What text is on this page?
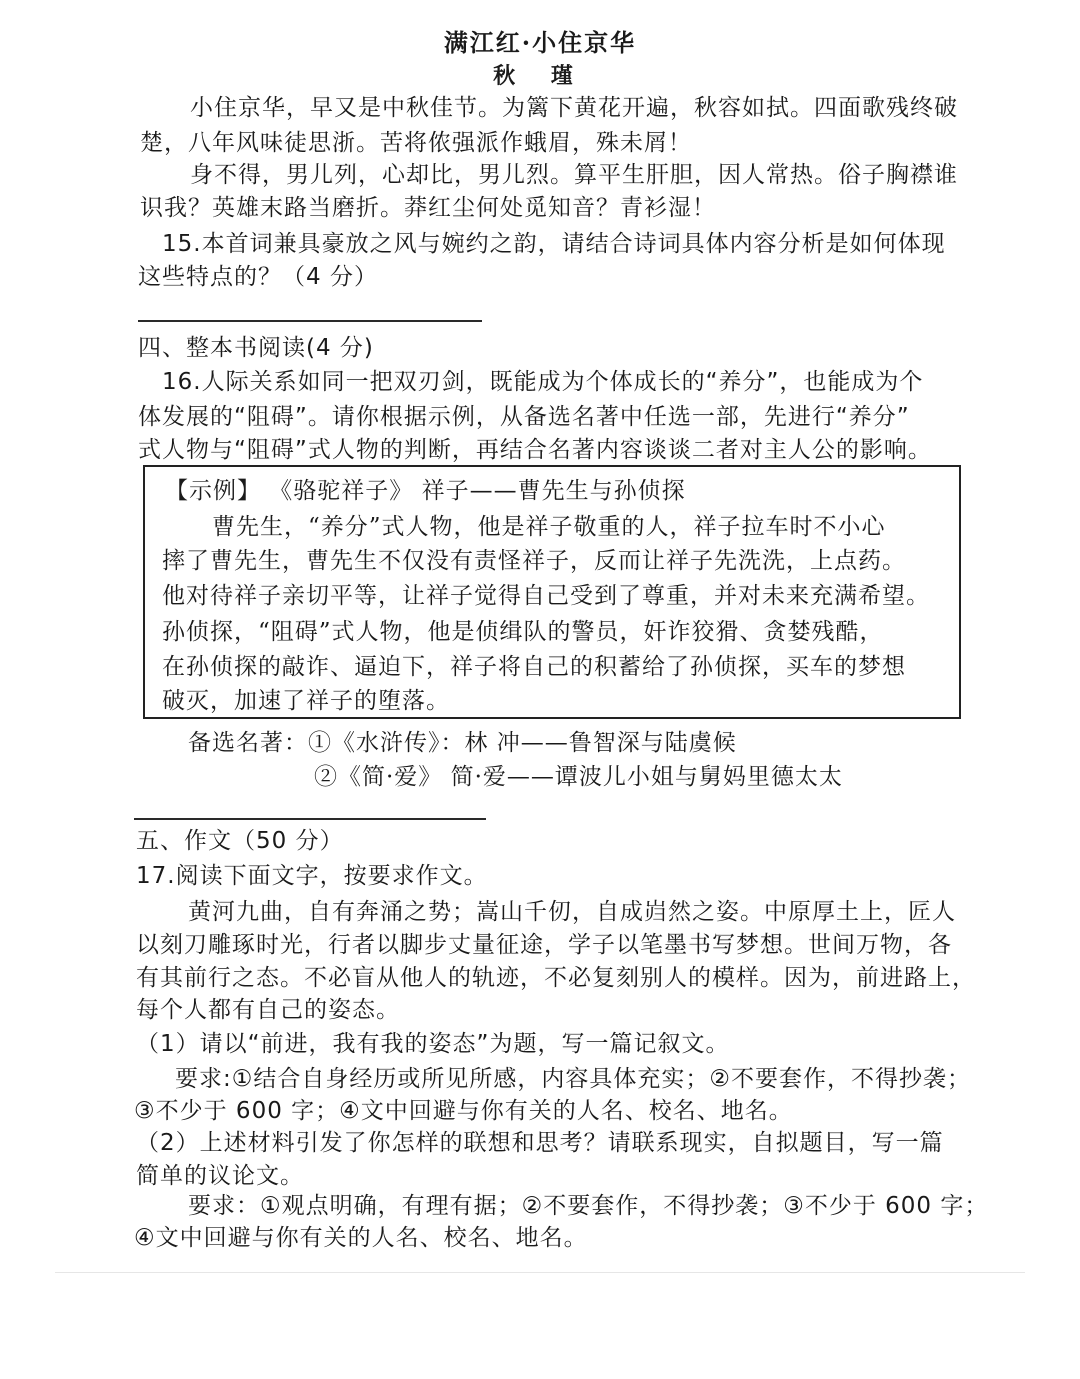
满江红·小住京华
秋 瑾
小住京华，早又是中秋佳节。为篱下黄花开遍，秋容如拭。四面歌残终破
楚，八年风味徒思浙。苦将侬强派作蛾眉，殊未屑！
身不得，男儿列，心却比，男儿烈。算平生肝胆，因人常热。俗子胸襟谁
识我？英雄末路当磨折。莽红尘何处觅知音？青衫湿！
15.本首词兼具豪放之风与婉约之韵，请结合诗词具体内容分析是如何体现
这些特点的？（4 分）
四、整本书阅读(4 分)
16.人际关系如同一把双刃剑，既能成为个体成长的“养分”，也能成为个
体发展的“阻碍”。请你根据示例，从备选名著中任选一部，先进行“养分”
式人物与“阻碍”式人物的判断，再结合名著内容谈谈二者对主人公的影响。
【示例】 《骆驼祥子》 祥子——曹先生与孙侦探
曹先生，“养分”式人物，他是祥子敬重的人，祥子拉车时不小心
摔了曹先生，曹先生不仅没有责怪祥子，反而让祥子先洗洗，上点药。
他对待祥子亲切平等，让祥子觉得自己受到了尊重，并对未来充满希望。
孙侦探，“阻碍”式人物，他是侦缉队的警员，奸诈狡猾、贪婪残酷，
在孙侦探的敲诈、逼迫下，祥子将自己的积蓄给了孙侦探，买车的梦想
破灭，加速了祥子的堕落。
备选名著：①《水浒传》：林 冲——鲁智深与陆虞候
②《简·爱》 简·爱——谭波儿小姐与舅妈里德太太
五、作文（50 分）
17.阅读下面文字，按要求作文。
黄河九曲，自有奔涌之势；嵩山千仞，自成岿然之姿。中原厚土上，匠人
以刻刀雕琢时光，行者以脚步丈量征途，学子以笔墨书写梦想。世间万物，各
有其前行之态。不必盲从他人的轨迹，不必复刻别人的模样。因为，前进路上，
每个人都有自己的姿态。
（1）请以“前进，我有我的姿态”为题，写一篇记叙文。
要求:①结合自身经历或所见所感，内容具体充实；②不要套作，不得抄袭；
③不少于 600 字；④文中回避与你有关的人名、校名、地名。
（2）上述材料引发了你怎样的联想和思考？请联系现实，自拟题目，写一篇
简单的议论文。
要求：①观点明确，有理有据；②不要套作，不得抄袭；③不少于 600 字；
④文中回避与你有关的人名、校名、地名。
